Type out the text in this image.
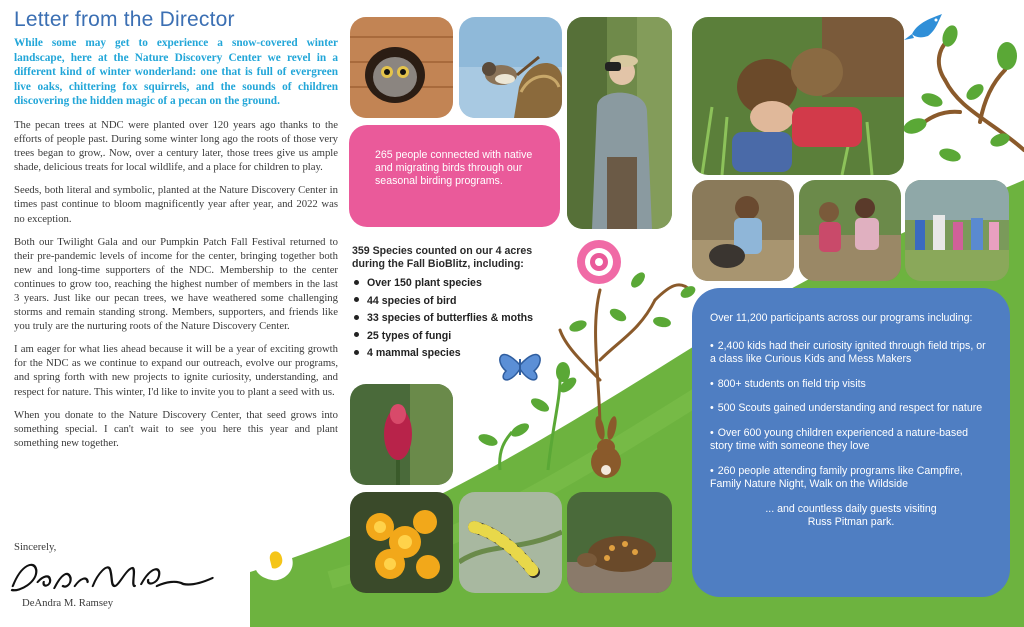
Letter from the Director

While some may get to experience a snow-covered winter landscape, here at the Nature Discovery Center we revel in a different kind of winter wonderland: one that is full of evergreen live oaks, chittering fox squirrels, and the sounds of children discovering the hidden magic of a pecan on the ground.

The pecan trees at NDC were planted over 120 years ago thanks to the efforts of people past. During some winter long ago the roots of those very trees began to grow,. Now, over a century later, those trees give us ample shade, delicious treats for local wildlife, and a place for children to play.

Seeds, both literal and symbolic, planted at the Nature Discovery Center in times past continue to bloom magnificently year after year, and 2022 was no exception.

Both our Twilight Gala and our Pumpkin Patch Fall Festival returned to their pre-pandemic levels of income for the center, bringing together both new and long-time supporters of the NDC. Membership to the center continues to grow too, reaching the highest number of members in the last 3 years. Just like our pecan trees, we have weathered some challenging storms and remain standing strong. Members, supporters, and friends like you truly are the nurturing roots of the Nature Discovery Center.

I am eager for what lies ahead because it will be a year of exciting growth for the NDC as we continue to expand our outreach, evolve our programs, and spring forth with new projects to ignite curiosity, understanding, and respect for nature. This winter, I'd like to invite you to plant a seed with us.

When you donate to the Nature Discovery Center, that seed grows into something special. I can't wait to see you here this year and plant something new together.

Sincerely,
DeAndra M. Ramsey

265 people connected with native and migrating birds through our seasonal birding programs.

359 Species counted on our 4 acres during the Fall BioBlitz, including:

Over 150 plant species
44 species of bird
33 species of butterflies & moths
25 types of fungi
4 mammal species

Over 11,200 participants across our programs including:

• 2,400 kids had their curiosity ignited through field trips, or a class like Curious Kids and Mess Makers
• 800+ students on field trip visits
• 500 Scouts gained understanding and respect for nature
• Over 600 young children experienced a nature-based story time with someone they love
• 260 people attending family programs like Campfire, Family Nature Night, Walk on the Wildside

... and countless daily guests visiting
Russ Pitman park.
